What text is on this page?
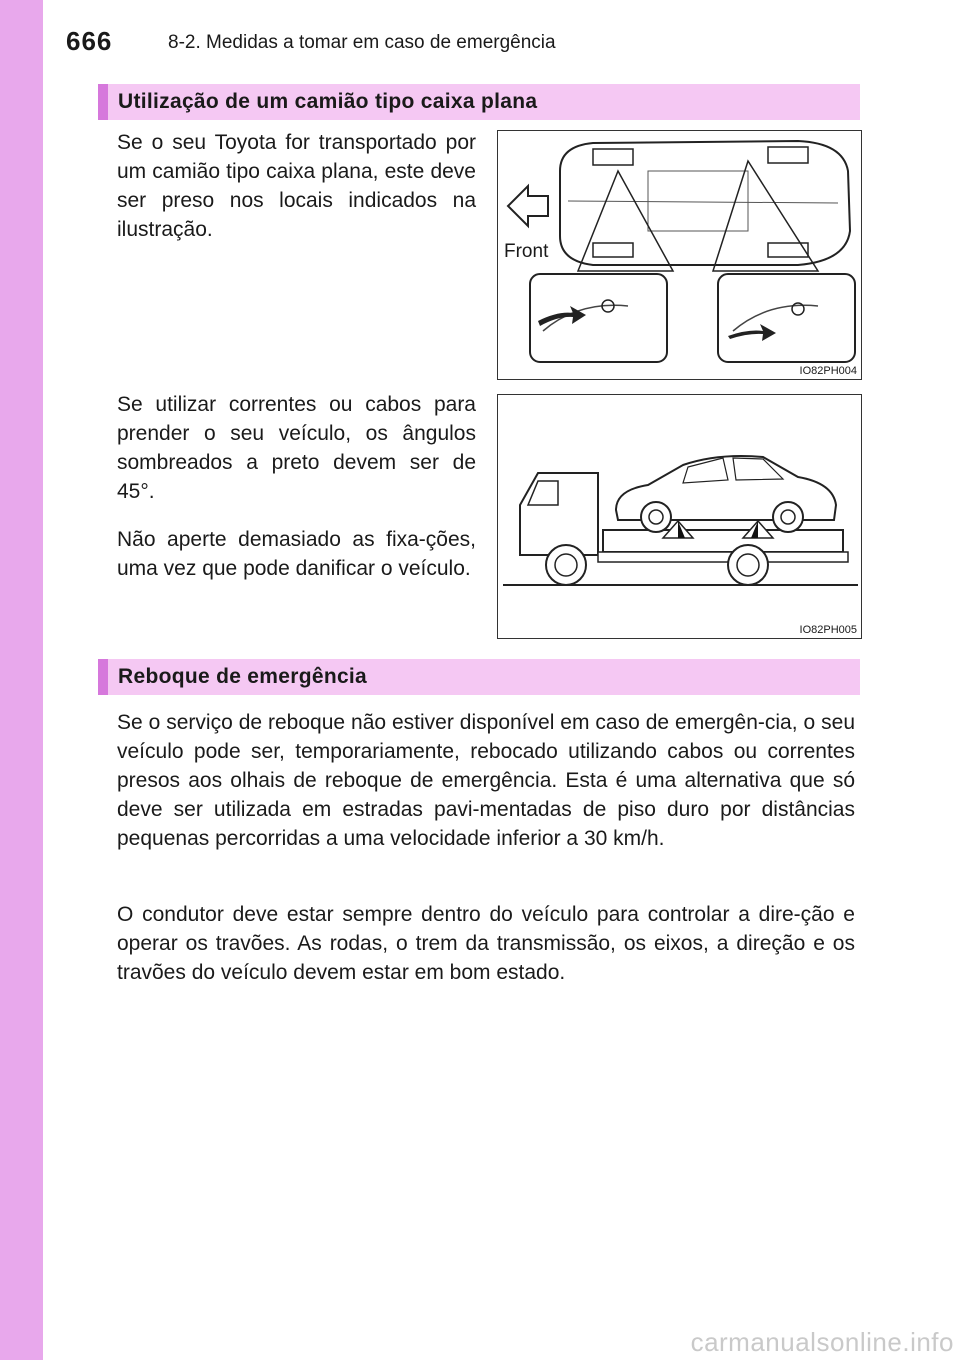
666	8-2. Medidas a tomar em caso de emergência
Utilização de um camião tipo caixa plana

Se o seu Toyota for transportado por um camião tipo caixa plana, este deve ser preso nos locais indicados na ilustração.

Front
IO82PH004

Se utilizar correntes ou cabos para prender o seu veículo, os ângulos sombreados a preto devem ser de 45°.

Não aperte demasiado as fixa-ções, uma vez que pode danificar o veículo.

IO82PH005
Reboque de emergência

Se o serviço de reboque não estiver disponível em caso de emergên-cia, o seu veículo pode ser, temporariamente, rebocado utilizando cabos ou correntes presos aos olhais de reboque de emergência. Esta é uma alternativa que só deve ser utilizada em estradas pavi-mentadas de piso duro por distâncias pequenas percorridas a uma velocidade inferior a 30 km/h.

O condutor deve estar sempre dentro do veículo para controlar a dire-ção e operar os travões. As rodas, o trem da transmissão, os eixos, a direção e os travões do veículo devem estar em bom estado.

carmanualsonline.info
